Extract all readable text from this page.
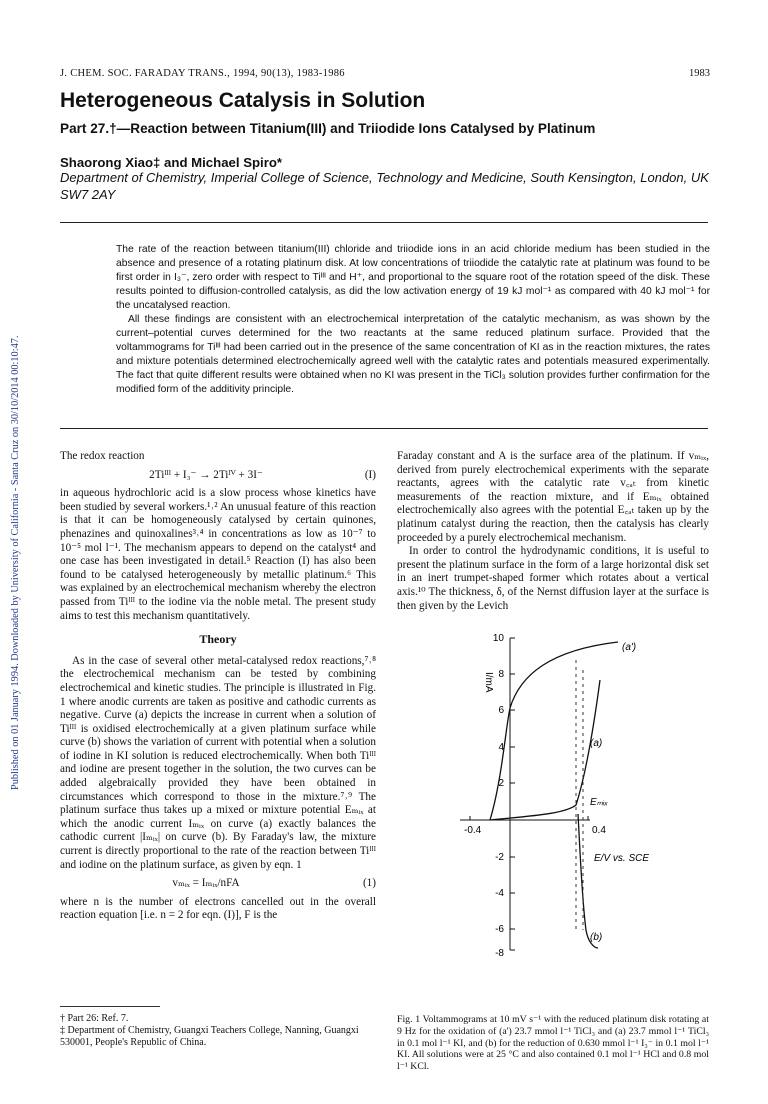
Published on 01 January 1994. Downloaded by University of California - Santa Cruz on 30/10/2014 00:10:47.
J. CHEM. SOC. FARADAY TRANS., 1994, 90(13), 1983-1986	1983
Heterogeneous Catalysis in Solution
Part 27.†—Reaction between Titanium(III) and Triiodide Ions Catalysed by Platinum
Shaorong Xiao‡ and Michael Spiro*
Department of Chemistry, Imperial College of Science, Technology and Medicine, South Kensington, London, UK SW7 2AY

The rate of the reaction between titanium(III) chloride and triiodide ions in an acid chloride medium has been studied in the absence and presence of a rotating platinum disk. At low concentrations of triiodide the catalytic rate at platinum was found to be first order in I₃⁻, zero order with respect to Tiᴵᴵᴵ and H⁺, and proportional to the square root of the rotation speed of the disk. These results pointed to diffusion-controlled catalysis, as did the low activation energy of 19 kJ mol⁻¹ as compared with 40 kJ mol⁻¹ for the uncatalysed reaction.

All these findings are consistent with an electrochemical interpretation of the catalytic mechanism, as was shown by the current–potential curves determined for the two reactants at the same reduced platinum surface. Provided that the voltammograms for Tiᴵᴵᴵ had been carried out in the presence of the same concentration of KI as in the reaction mixtures, the rates and mixture potentials determined electrochemically agreed well with the catalytic rates and potentials measured experimentally. The fact that quite different results were obtained when no KI was present in the TiCl₃ solution provides further confirmation for the modified form of the additivity principle.

The redox reaction

2Tiᴵᴵᴵ + I₃⁻ → 2Tiᴵⱽ + 3I⁻	(I)

in aqueous hydrochloric acid is a slow process whose kinetics have been studied by several workers.¹˒² An unusual feature of this reaction is that it can be homogeneously catalysed by certain quinones, phenazines and quinoxalines³˒⁴ in concentrations as low as 10⁻⁷ to 10⁻⁵ mol l⁻¹. The mechanism appears to depend on the catalyst⁴ and one case has been investigated in detail.⁵ Reaction (I) has also been found to be catalysed heterogeneously by metallic platinum.⁶ This was explained by an electrochemical mechanism whereby the electron passed from Tiᴵᴵᴵ to the iodine via the noble metal. The present study aims to test this mechanism quantitatively.

Theory

As in the case of several other metal-catalysed redox reactions,⁷˒⁸ the electrochemical mechanism can be tested by combining electrochemical and kinetic studies. The principle is illustrated in Fig. 1 where anodic currents are taken as positive and cathodic currents as negative. Curve (a) depicts the increase in current when a solution of Tiᴵᴵᴵ is oxidised electrochemically at a given platinum surface while curve (b) shows the variation of current with potential when a solution of iodine in KI solution is reduced electrochemically. When both Tiᴵᴵᴵ and iodine are present together in the solution, the two curves can be added algebraically provided they have been obtained in circumstances which correspond to those in the mixture.⁷˒⁹ The platinum surface thus takes up a mixed or mixture potential Eₘᵢₓ at which the anodic current Iₘᵢₓ on curve (a) exactly balances the cathodic current |Iₘᵢₓ| on curve (b). By Faraday's law, the mixture current is directly proportional to the rate of the reaction between Tiᴵᴵᴵ and iodine on the platinum surface, as given by eqn. 1

vₘᵢₓ = Iₘᵢₓ/nFA	(1)

where n is the number of electrons cancelled out in the overall reaction equation [i.e. n = 2 for eqn. (I)], F is the

Faraday constant and A is the surface area of the platinum. If vₘᵢₓ, derived from purely electrochemical experiments with the separate reactants, agrees with the catalytic rate v꜀ₐₜ from kinetic measurements of the reaction mixture, and if Eₘᵢₓ obtained electrochemically also agrees with the potential E꜀ₐₜ taken up by the platinum catalyst during the reaction, then the catalysis has clearly proceeded by a purely electrochemical mechanism.

In order to control the hydrodynamic conditions, it is useful to present the platinum surface in the form of a large horizontal disk set in an inert trumpet-shaped former which rotates about a vertical axis.¹⁰ The thickness, δ, of the Nernst diffusion layer at the surface is then given by the Levich

10
8
6
4
2
-2
-4
-6
-8
I/mA
-0.4	0.4
E/V vs. SCE
(a')
(a)
(b)
Eₘᵢₓ
† Part 26: Ref. 7.
‡ Department of Chemistry, Guangxi Teachers College, Nanning, Guangxi 530001, People's Republic of China.
Fig. 1 Voltammograms at 10 mV s⁻¹ with the reduced platinum disk rotating at 9 Hz for the oxidation of (a') 23.7 mmol l⁻¹ TiCl₃ and (a) 23.7 mmol l⁻¹ TiCl₃ in 0.1 mol l⁻¹ KI, and (b) for the reduction of 0.630 mmol l⁻¹ I₃⁻ in 0.1 mol l⁻¹ KI. All solutions were at 25 °C and also contained 0.1 mol l⁻¹ HCl and 0.8 mol l⁻¹ KCl.
